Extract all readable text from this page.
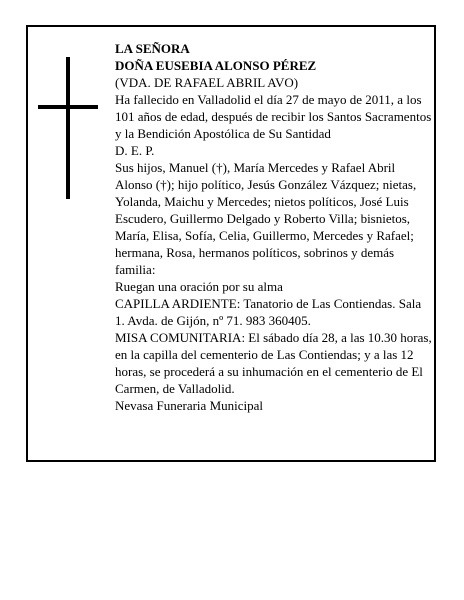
LA SEÑORA

DOÑA EUSEBIA ALONSO PÉREZ

(VDA. DE RAFAEL ABRIL AVO)

Ha fallecido en Valladolid el día 27 de mayo de 2011, a los 101 años de edad, después de recibir los Santos Sacramentos y la Bendición Apostólica de Su Santidad

D. E. P.

Sus hijos, Manuel (†), María Mercedes y Rafael Abril Alonso (†); hijo político, Jesús González Vázquez; nietas, Yolanda, Maichu y Mercedes; nietos políticos, José Luis Escudero, Guillermo Delgado y Roberto Villa; bisnietos, María, Elisa, Sofía, Celia, Guillermo, Mercedes y Rafael; hermana, Rosa, hermanos políticos, sobrinos y demás familia:

Ruegan una oración por su alma

CAPILLA ARDIENTE: Tanatorio de Las Contiendas. Sala 1. Avda. de Gijón, nº 71. 983 360405.

MISA COMUNITARIA: El sábado día 28, a las 10.30 horas, en la capilla del cementerio de Las Contiendas; y a las 12 horas, se procederá a su inhumación en el cementerio de El Carmen, de Valladolid.

Nevasa Funeraria Municipal
